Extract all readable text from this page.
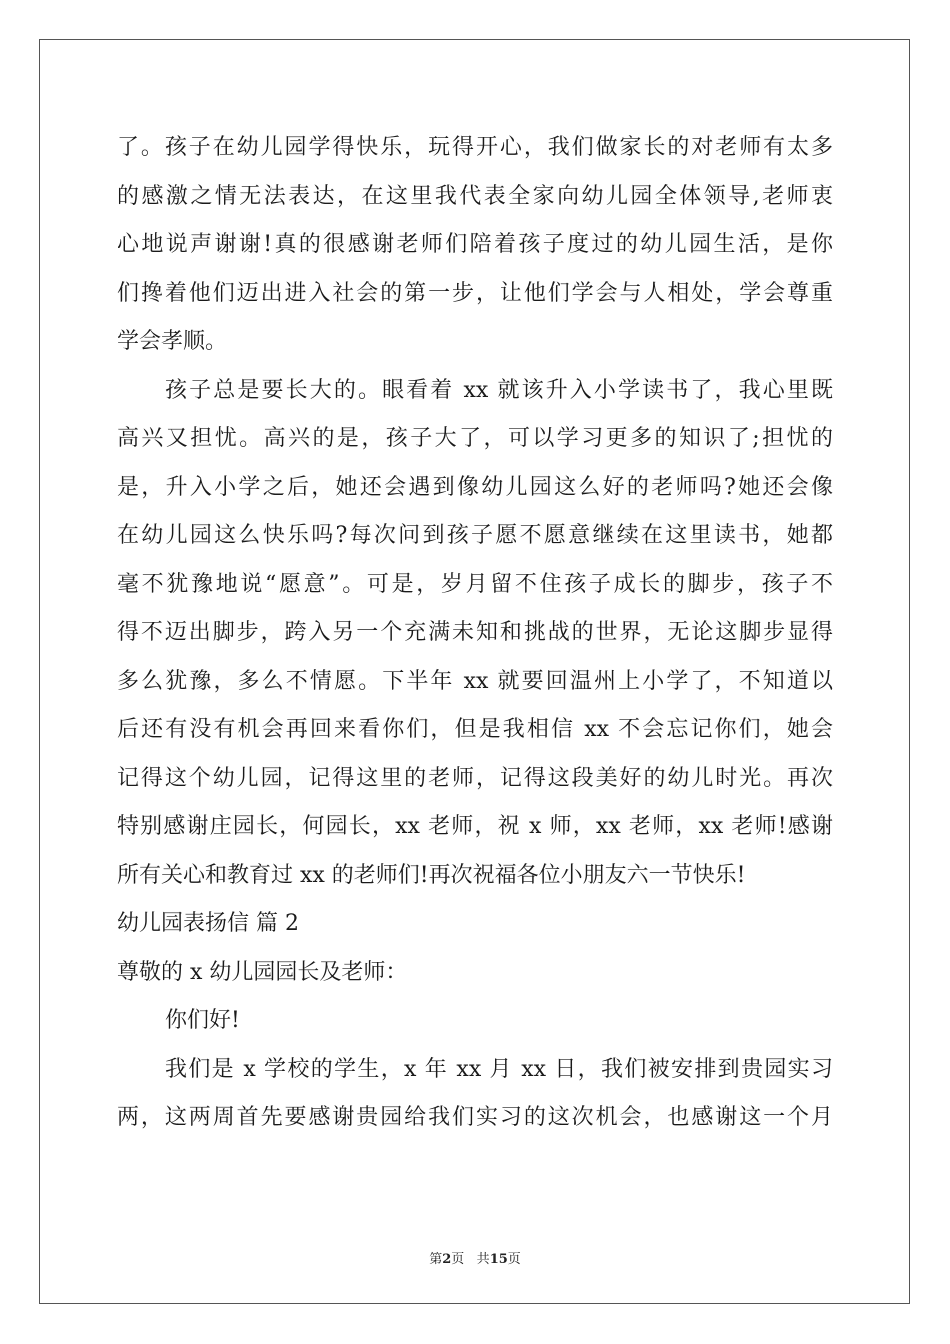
了。孩子在幼儿园学得快乐，玩得开心，我们做家长的对老师有太多
的感激之情无法表达，在这里我代表全家向幼儿园全体领导,老师衷
心地说声谢谢!真的很感谢老师们陪着孩子度过的幼儿园生活，是你
们搀着他们迈出进入社会的第一步，让他们学会与人相处，学会尊重
学会孝顺。
孩子总是要长大的。眼看着 xx 就该升入小学读书了，我心里既
高兴又担忧。高兴的是，孩子大了，可以学习更多的知识了;担忧的
是，升入小学之后，她还会遇到像幼儿园这么好的老师吗?她还会像
在幼儿园这么快乐吗?每次问到孩子愿不愿意继续在这里读书，她都
毫不犹豫地说“愿意”。可是，岁月留不住孩子成长的脚步，孩子不
得不迈出脚步，跨入另一个充满未知和挑战的世界，无论这脚步显得
多么犹豫，多么不情愿。下半年 xx 就要回温州上小学了，不知道以
后还有没有机会再回来看你们，但是我相信 xx 不会忘记你们，她会
记得这个幼儿园，记得这里的老师，记得这段美好的幼儿时光。再次
特别感谢庄园长，何园长，xx 老师，祝 x 师，xx 老师，xx 老师!感谢
所有关心和教育过 xx 的老师们!再次祝福各位小朋友六一节快乐!
幼儿园表扬信 篇 2
尊敬的 x 幼儿园园长及老师：
你们好!
我们是 x 学校的学生，x 年 xx 月 xx 日，我们被安排到贵园实习
两，这两周首先要感谢贵园给我们实习的这次机会，也感谢这一个月
第2页 共15页
